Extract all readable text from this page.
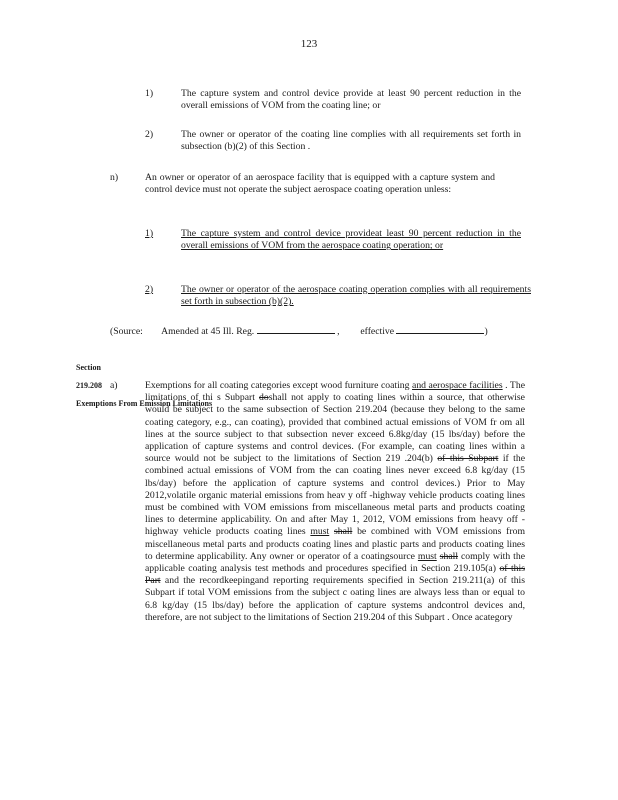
123
1)	The capture system and control device provide at least 90 percent reduction in the overall emissions of VOM from the coating line; or
2)	The owner or operator of the coating line complies with all requirements set forth in subsection (b)(2) of this Section .
n)	An owner or operator of an aerospace facility that is equipped with a capture system and control device must not operate the subject aerospace coating operation unless:
1)	The capture system and control device provideat least 90 percent reduction in the overall emissions of VOM from the aerospace coating operation; or
2)	The owner or operator of the aerospace coating operation complies with all requirements set forth in subsection (b)(2).
(Source: Amended at 45 Ill. Reg.	, effective	)

Section

219.208

Exemptions From Emission Limitations

a)	Exemptions for all coating categories except wood furniture coating and aerospace facilities . The limitations of thi s Subpart doshall not apply to coating lines within a source, that otherwise would be subject to the same subsection of Section 219.204 (because they belong to the same coating category, e.g., can coating), provided that combined actual emissions of VOM fr om all lines at the source subject to that subsection never exceed 6.8kg/day (15 lbs/day) before the application of capture systems and control devices. (For example, can coating lines within a source would not be subject to the limitations of Section 219 .204(b) of this Subpart if the combined actual emissions of VOM from the can coating lines never exceed 6.8 kg/day (15 lbs/day) before the application of capture systems and control devices.) Prior to May 2012,volatile organic material emissions from heav y off -highway vehicle products coating lines must be combined with VOM emissions from miscellaneous metal parts and products coating lines to determine applicability. On and after May 1, 2012, VOM emissions from heavy off -highway vehicle products coating lines must shall be combined with VOM emissions from miscellaneous metal parts and products coating lines and plastic parts and products coating lines to determine applicability. Any owner or operator of a coatingsource must shall comply with the applicable coating analysis test methods and procedures specified in Section 219.105(a) of this Part and the recordkeepingand reporting requirements specified in Section 219.211(a) of this Subpart if total VOM emissions from the subject c oating lines are always less than or equal to 6.8 kg/day (15 lbs/day) before the application of capture systems andcontrol devices and, therefore, are not subject to the limitations of Section 219.204 of this Subpart . Once acategory
